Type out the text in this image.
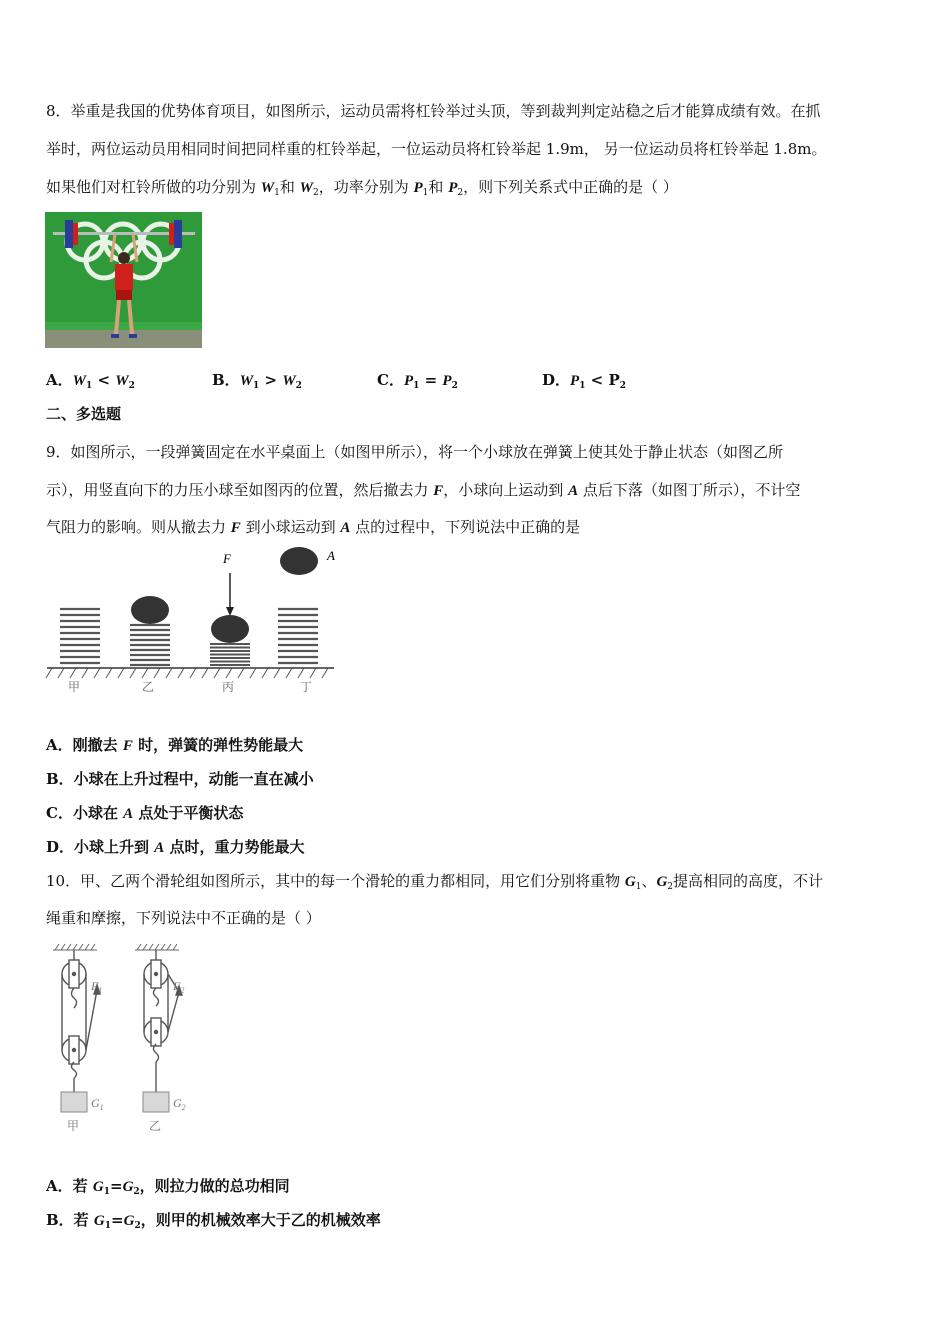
8．举重是我国的优势体育项目，如图所示，运动员需将杠铃举过头顶，等到裁判判定站稳之后才能算成绩有效。在抓
举时，两位运动员用相同时间把同样重的杠铃举起，一位运动员将杠铃举起 1.9m， 另一位运动员将杠铃举起 1.8m。
如果他们对杠铃所做的功分别为 $W_1$和 $W_2$，功率分别为 $P_1$和 $P_2$，则下列关系式中正确的是（ ）
A．$W_1 < W_2$	B．$W_1 > W_2$	C．$P_1 = P_2$	D．$P_1 < P_2$
二、多选题
9．如图所示，一段弹簧固定在水平桌面上（如图甲所示），将一个小球放在弹簧上使其处于静止状态（如图乙所
示），用竖直向下的力压小球至如图丙的位置，然后撤去力 F，小球向上运动到 A 点后下落（如图丁所示），不计空
气阻力的影响。则从撤去力 F 到小球运动到 A 点的过程中，下列说法中正确的是
F	A
甲	乙	丙	丁
A．刚撤去 F 时，弹簧的弹性势能最大
B．小球在上升过程中，动能一直在减小
C．小球在 A 点处于平衡状态
D．小球上升到 A 点时，重力势能最大
10．甲、乙两个滑轮组如图所示，其中的每一个滑轮的重力都相同，用它们分别将重物 $G_1$、$G_2$提高相同的高度，不计
绳重和摩擦，下列说法中不正确的是（ ）
$F_1$	$F_2$
$G_1$	$G_2$
甲	乙
A．若 $G_1=G_2$，则拉力做的总功相同
B．若 $G_1=G_2$，则甲的机械效率大于乙的机械效率
